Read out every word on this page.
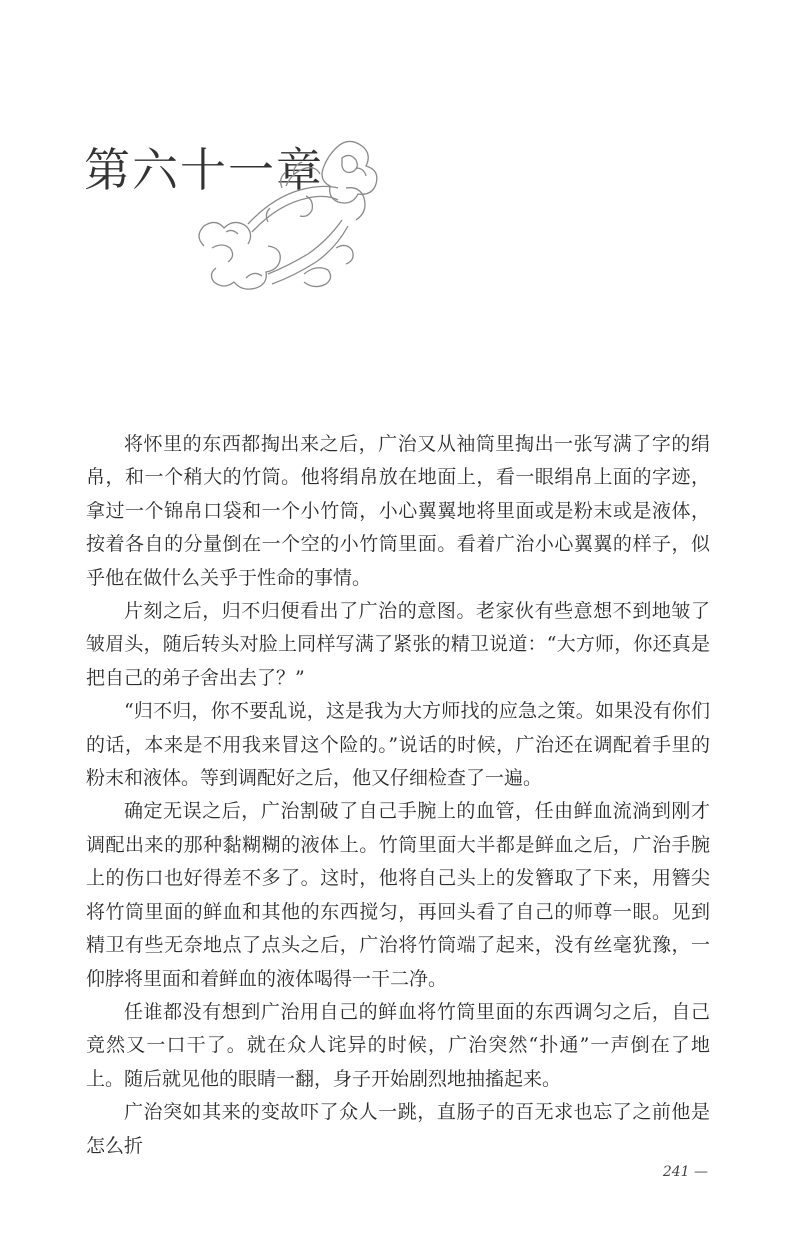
第六十一章

将怀里的东西都掏出来之后，广治又从袖筒里掏出一张写满了字的绢帛，和一个稍大的竹筒。他将绢帛放在地面上，看一眼绢帛上面的字迹，拿过一个锦帛口袋和一个小竹筒，小心翼翼地将里面或是粉末或是液体，按着各自的分量倒在一个空的小竹筒里面。看着广治小心翼翼的样子，似乎他在做什么关乎于性命的事情。

片刻之后，归不归便看出了广治的意图。老家伙有些意想不到地皱了皱眉头，随后转头对脸上同样写满了紧张的精卫说道：“大方师，你还真是把自己的弟子舍出去了？”

“归不归，你不要乱说，这是我为大方师找的应急之策。如果没有你们的话，本来是不用我来冒这个险的。”说话的时候，广治还在调配着手里的粉末和液体。等到调配好之后，他又仔细检查了一遍。

确定无误之后，广治割破了自己手腕上的血管，任由鲜血流淌到刚才调配出来的那种黏糊糊的液体上。竹筒里面大半都是鲜血之后，广治手腕上的伤口也好得差不多了。这时，他将自己头上的发簪取了下来，用簪尖将竹筒里面的鲜血和其他的东西搅匀，再回头看了自己的师尊一眼。见到精卫有些无奈地点了点头之后，广治将竹筒端了起来，没有丝毫犹豫，一仰脖将里面和着鲜血的液体喝得一干二净。

任谁都没有想到广治用自己的鲜血将竹筒里面的东西调匀之后，自己竟然又一口干了。就在众人诧异的时候，广治突然“扑通”一声倒在了地上。随后就见他的眼睛一翻，身子开始剧烈地抽搐起来。

广治突如其来的变故吓了众人一跳，直肠子的百无求也忘了之前他是怎么折

241 —
